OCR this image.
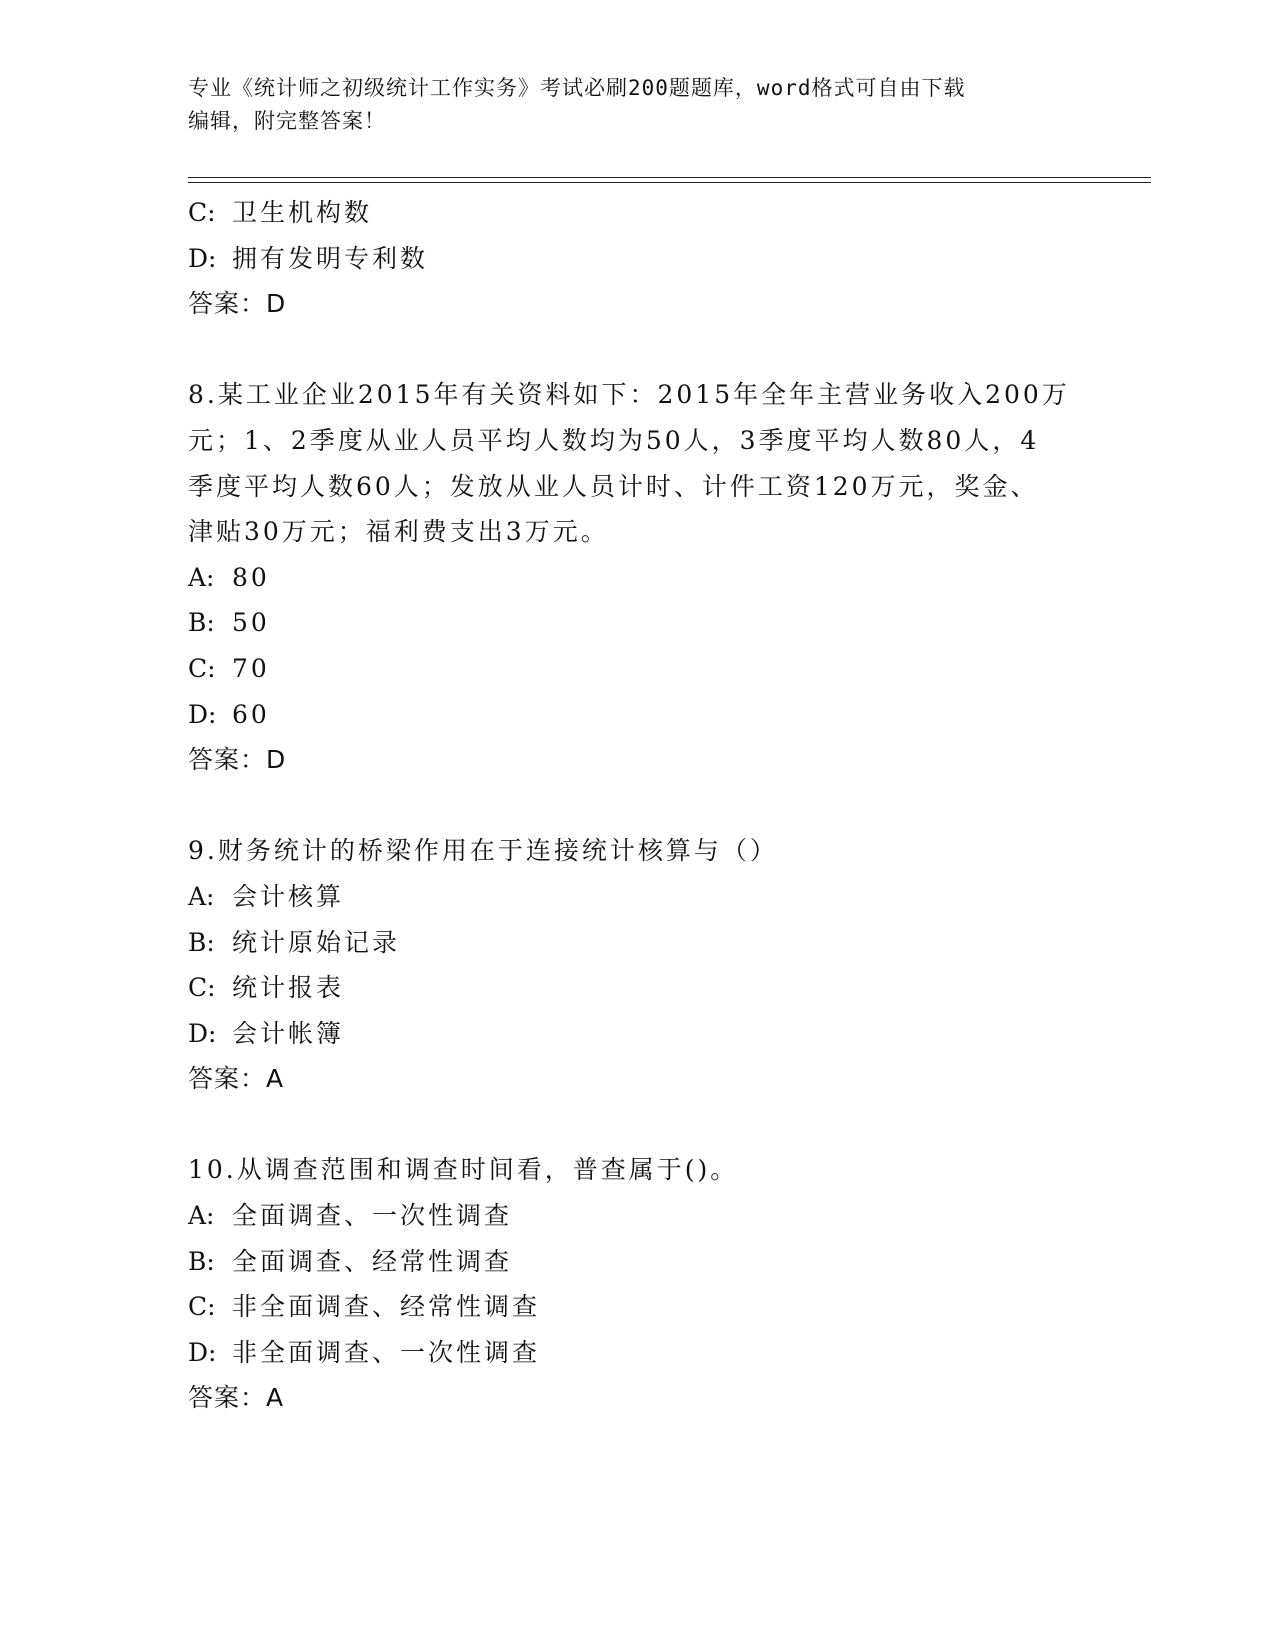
专业《统计师之初级统计工作实务》考试必刷200题题库，word格式可自由下载
编辑，附完整答案！
C: 卫生机构数
D: 拥有发明专利数
答案：D
8.某工业企业2015年有关资料如下：2015年全年主营业务收入200万
元；1、2季度从业人员平均人数均为50人，3季度平均人数80人，4
季度平均人数60人；发放从业人员计时、计件工资120万元，奖金、
津贴30万元；福利费支出3万元。
A: 80
B: 50
C: 70
D: 60
答案：D
9.财务统计的桥梁作用在于连接统计核算与（）
A: 会计核算
B: 统计原始记录
C: 统计报表
D: 会计帐簿
答案：A
10.从调查范围和调查时间看，普查属于()。
A: 全面调查、一次性调查
B: 全面调查、经常性调查
C: 非全面调查、经常性调查
D: 非全面调查、一次性调查
答案：A
